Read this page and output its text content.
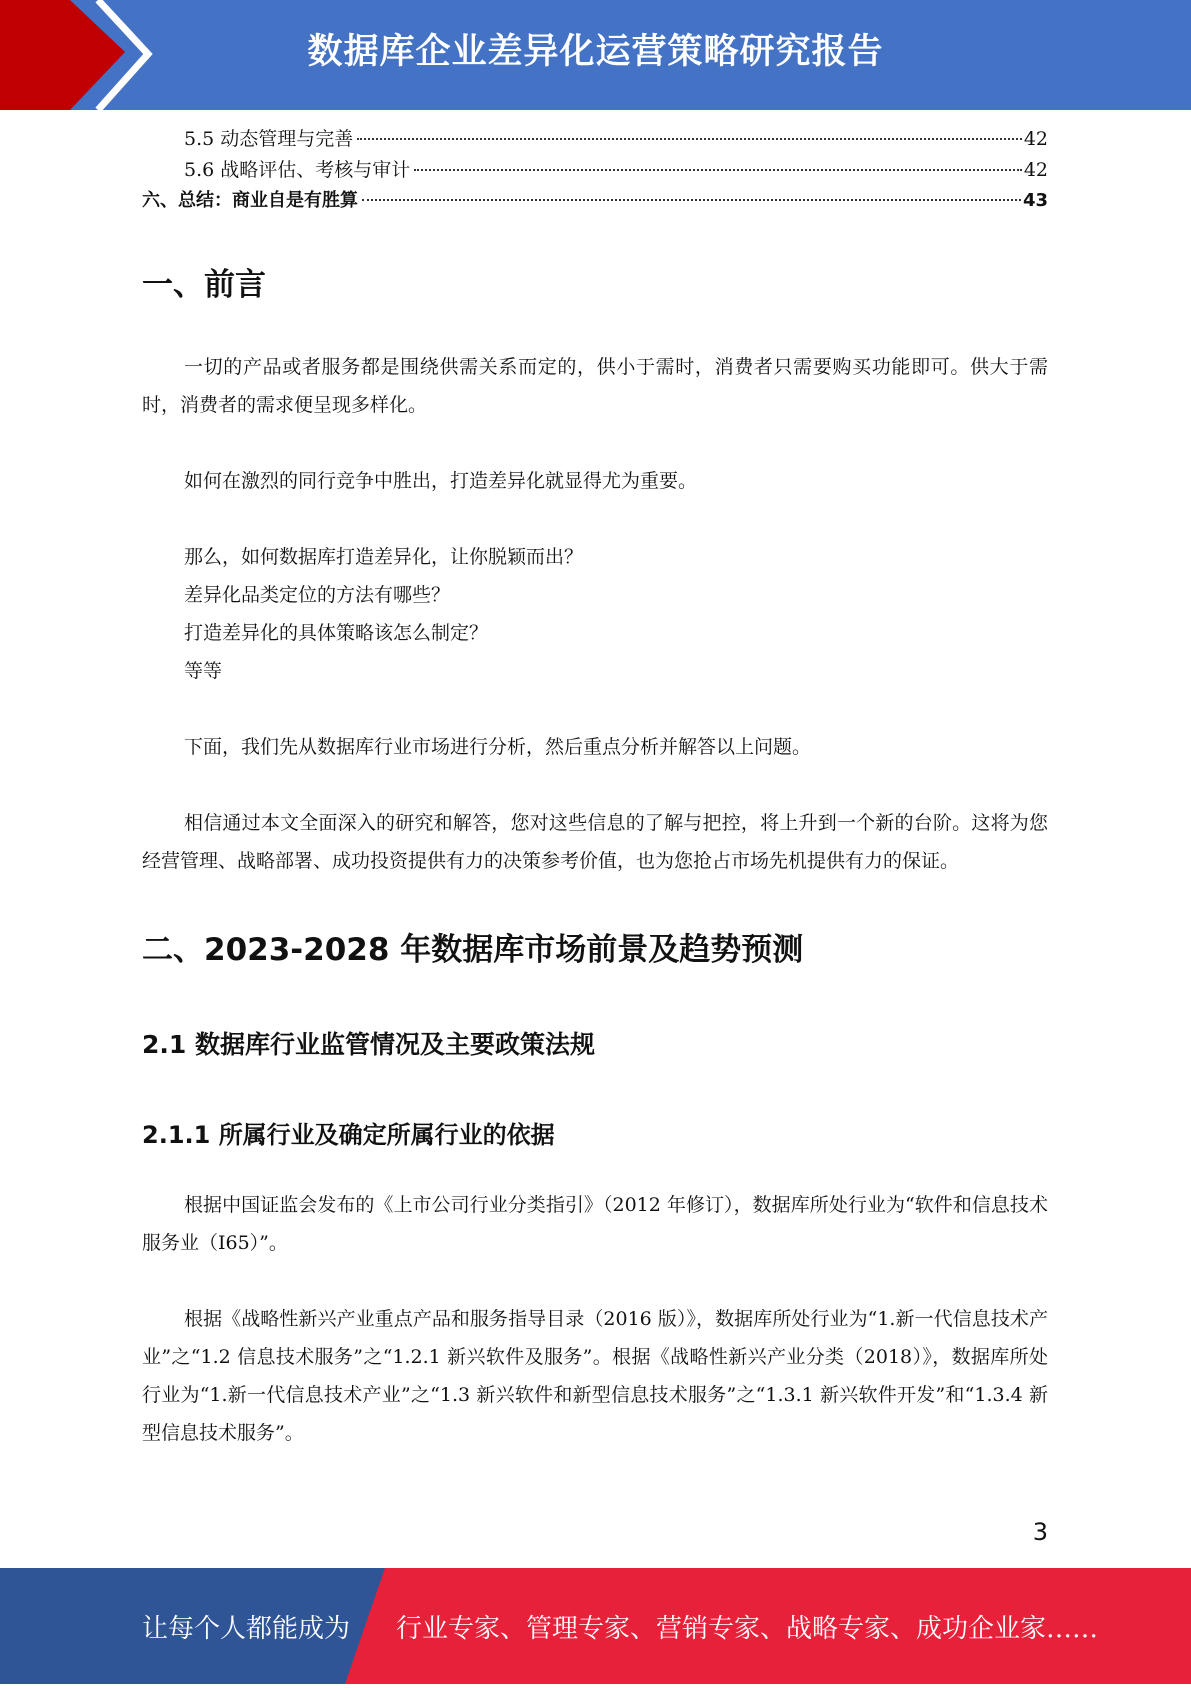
数据库企业差异化运营策略研究报告
5.5 动态管理与完善	42
5.6 战略评估、考核与审计	42
六、总结：商业自是有胜算	43
一、前言

一切的产品或者服务都是围绕供需关系而定的，供小于需时，消费者只需要购买功能即可。供大于需时，消费者的需求便呈现多样化。

如何在激烈的同行竞争中胜出，打造差异化就显得尤为重要。

那么，如何数据库打造差异化，让你脱颖而出？

差异化品类定位的方法有哪些？

打造差异化的具体策略该怎么制定？

等等

下面，我们先从数据库行业市场进行分析，然后重点分析并解答以上问题。

相信通过本文全面深入的研究和解答，您对这些信息的了解与把控，将上升到一个新的台阶。这将为您经营管理、战略部署、成功投资提供有力的决策参考价值，也为您抢占市场先机提供有力的保证。

二、2023-2028 年数据库市场前景及趋势预测
2.1 数据库行业监管情况及主要政策法规
2.1.1 所属行业及确定所属行业的依据

根据中国证监会发布的《上市公司行业分类指引》（2012 年修订），数据库所处行业为“软件和信息技术服务业（I65）”。

根据《战略性新兴产业重点产品和服务指导目录（2016 版）》，数据库所处行业为“1.新一代信息技术产业”之“1.2 信息技术服务”之“1.2.1 新兴软件及服务”。根据《战略性新兴产业分类（2018）》，数据库所处行业为“1.新一代信息技术产业”之“1.3 新兴软件和新型信息技术服务”之“1.3.1 新兴软件开发”和“1.3.4 新型信息技术服务”。

3
让每个人都能成为 行业专家、管理专家、营销专家、战略专家、成功企业家……
